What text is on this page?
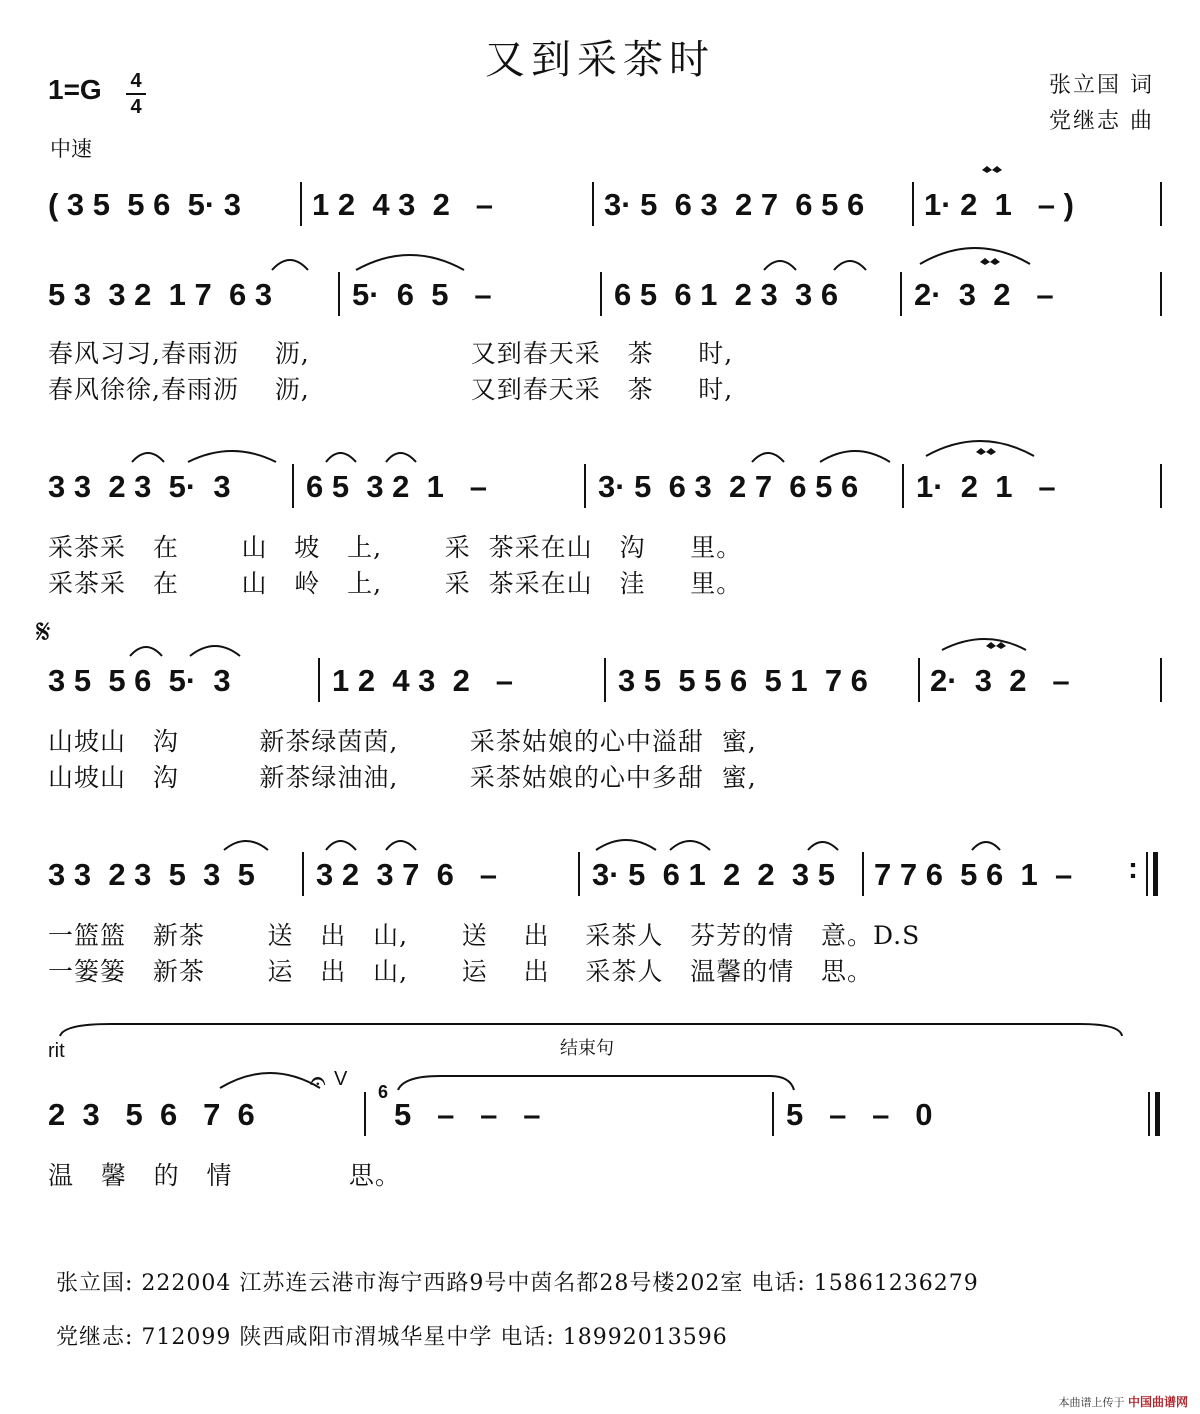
又到采茶时
1=G 4
4
中速
张立国 词
党继志 曲
( 3 5  5 6  5· 3 1 2  4 3  2   –	3· 5  6 3  2 7  6 5 6 1· 2  1   – )
5 3  3 2  1 7  6 3	5·  6  5   –	6 5  6 1  2 3  3 6 2·  3  2   –
春风习习,春雨沥    沥,                  又到春天采   茶     时,
春风徐徐,春雨沥    沥,                  又到春天采   茶     时,
3 3  2 3  5·  3 6 5  3 2  1   –	3· 5  6 3  2 7  6 5 6 1·  2  1   –
采茶采   在       山   坡   上,       采  茶采在山   沟     里。
采茶采   在       山   岭   上,       采  茶采在山   洼     里。
𝄋
3 5  5 6  5·  3	1 2  4 3  2   –	3 5  5 5 6  5 1  7 6 2·  3  2   –
山坡山   沟         新茶绿茵茵,        采茶姑娘的心中溢甜  蜜,
山坡山   沟         新茶绿油油,        采茶姑娘的心中多甜  蜜,
3 3  2 3  5  3  5 3 2  3 7  6   –	3· 5  6 1  2  2  3 5 7 7 6  5 6  1  – :
一篮篮   新茶       送   出   山,      送    出    采茶人   芬芳的情   意。D.S
一篓篓   新茶       运   出   山,      运    出    采茶人   温馨的情   思。
rit	结束句
𝄐 V
6
2  3   5  6   7  6	5   –   –   –	5   –   –   0
温   馨   的   情             思。
张立国: 222004 江苏连云港市海宁西路9号中茵名都28号楼202室 电话: 15861236279
党继志: 712099 陕西咸阳市渭城华星中学 电话: 18992013596
本曲谱上传于 中国曲谱网
